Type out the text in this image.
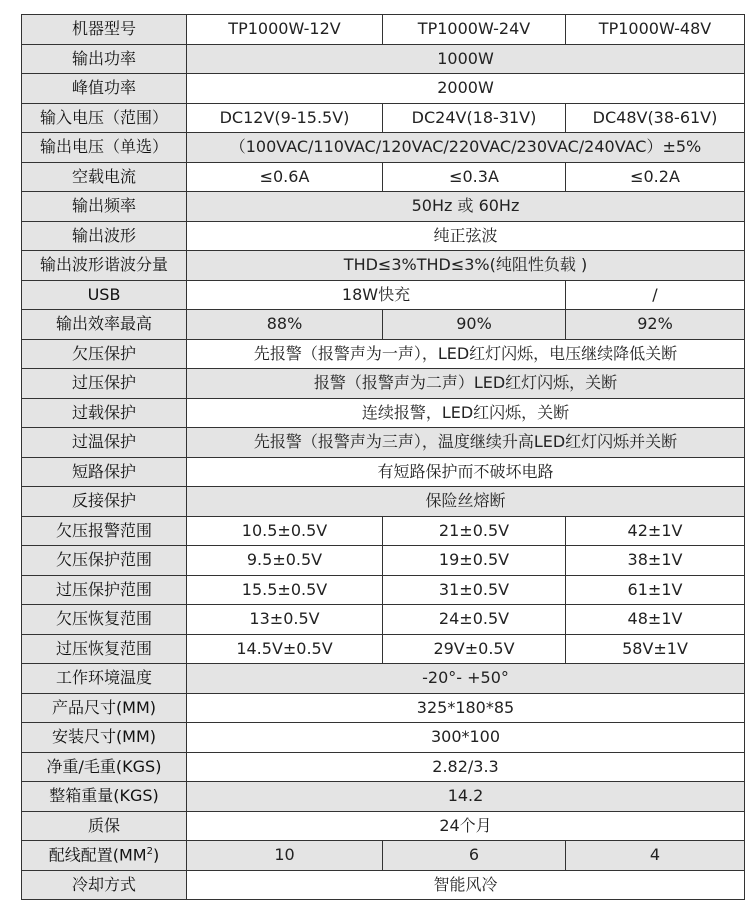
机器型号	TP1000W-12V	TP1000W-24V	TP1000W-48V
输出功率	1000W		
峰值功率	2000W		
输入电压（范围）	DC12V(9-15.5V)	DC24V(18-31V)	DC48V(38-61V)
输出电压（单选）	（100VAC/110VAC/120VAC/220VAC/230VAC/240VAC）±5%		
空载电流	≤0.6A	≤0.3A	≤0.2A
输出频率	50Hz 或 60Hz		
输出波形	纯正弦波		
输出波形谐波分量	THD≤3%THD≤3%(纯阻性负载 )		
USB	18W快充		/
输出效率最高	88%	90%	92%
欠压保护	先报警（报警声为一声），LED红灯闪烁，电压继续降低关断		
过压保护	报警（报警声为二声）LED红灯闪烁，关断		
过载保护	连续报警，LED红闪烁，关断		
过温保护	先报警（报警声为三声），温度继续升高LED红灯闪烁并关断		
短路保护	有短路保护而不破坏电路		
反接保护	保险丝熔断		
欠压报警范围	10.5±0.5V	21±0.5V	42±1V
欠压保护范围	9.5±0.5V	19±0.5V	38±1V
过压保护范围	15.5±0.5V	31±0.5V	61±1V
欠压恢复范围	13±0.5V	24±0.5V	48±1V
过压恢复范围	14.5V±0.5V	29V±0.5V	58V±1V
工作环境温度	-20°- +50°		
产品尺寸(MM)	325*180*85		
安装尺寸(MM)	300*100		
净重/毛重(KGS)	2.82/3.3		
整箱重量(KGS)	14.2		
质保	24个月		
配线配置$(MM^2)$	10	6	4
冷却方式	智能风冷		
